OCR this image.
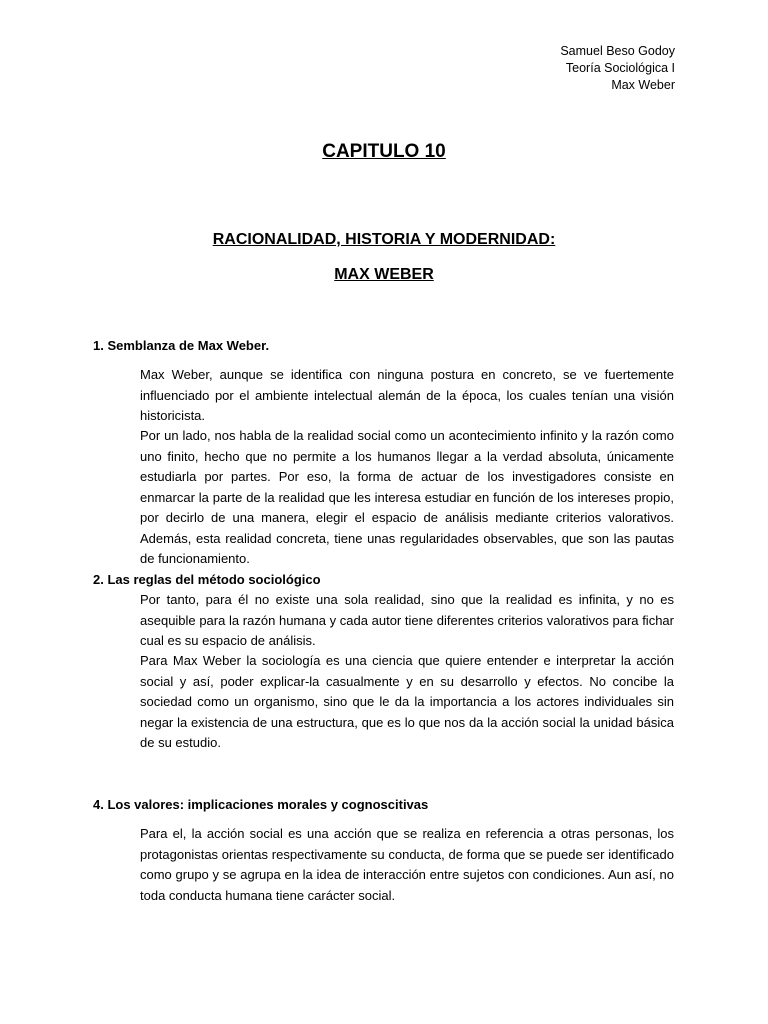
Samuel Beso Godoy
Teoría Sociológica I
Max Weber
CAPITULO 10
RACIONALIDAD, HISTORIA Y MODERNIDAD:
MAX WEBER
1. Semblanza de Max Weber.
Max Weber, aunque se identifica con ninguna postura en concreto, se ve fuertemente influenciado por el ambiente intelectual alemán de la época, los cuales tenían una visión historicista.
Por un lado, nos habla de la realidad social como un acontecimiento infinito y la razón como uno finito, hecho que no permite a los humanos llegar a la verdad absoluta, únicamente estudiarla por partes. Por eso, la forma de actuar de los investigadores consiste en enmarcar la parte de la realidad que les interesa estudiar en función de los intereses propio, por decirlo de una manera, elegir el espacio de análisis mediante criterios valorativos. Además, esta realidad concreta, tiene unas regularidades observables, que son las pautas de funcionamiento.
2. Las reglas del método sociológico
Por tanto, para él no existe una sola realidad, sino que la realidad es infinita, y no es asequible para la razón humana y cada autor tiene diferentes criterios valorativos para fichar cual es su espacio de análisis.
Para Max Weber la sociología es una ciencia que quiere entender e interpretar la acción social y así, poder explicar-la casualmente y en su desarrollo y efectos. No concibe la sociedad como un organismo, sino que le da la importancia a los actores individuales sin negar la existencia de una estructura, que es lo que nos da la acción social la unidad básica de su estudio.
4. Los valores: implicaciones morales y cognoscitivas
Para el, la acción social es una acción que se realiza en referencia a otras personas, los protagonistas orientas respectivamente su conducta, de forma que se puede ser identificado como grupo y se agrupa en la idea de interacción entre sujetos con condiciones. Aun así, no toda conducta humana tiene carácter social.
